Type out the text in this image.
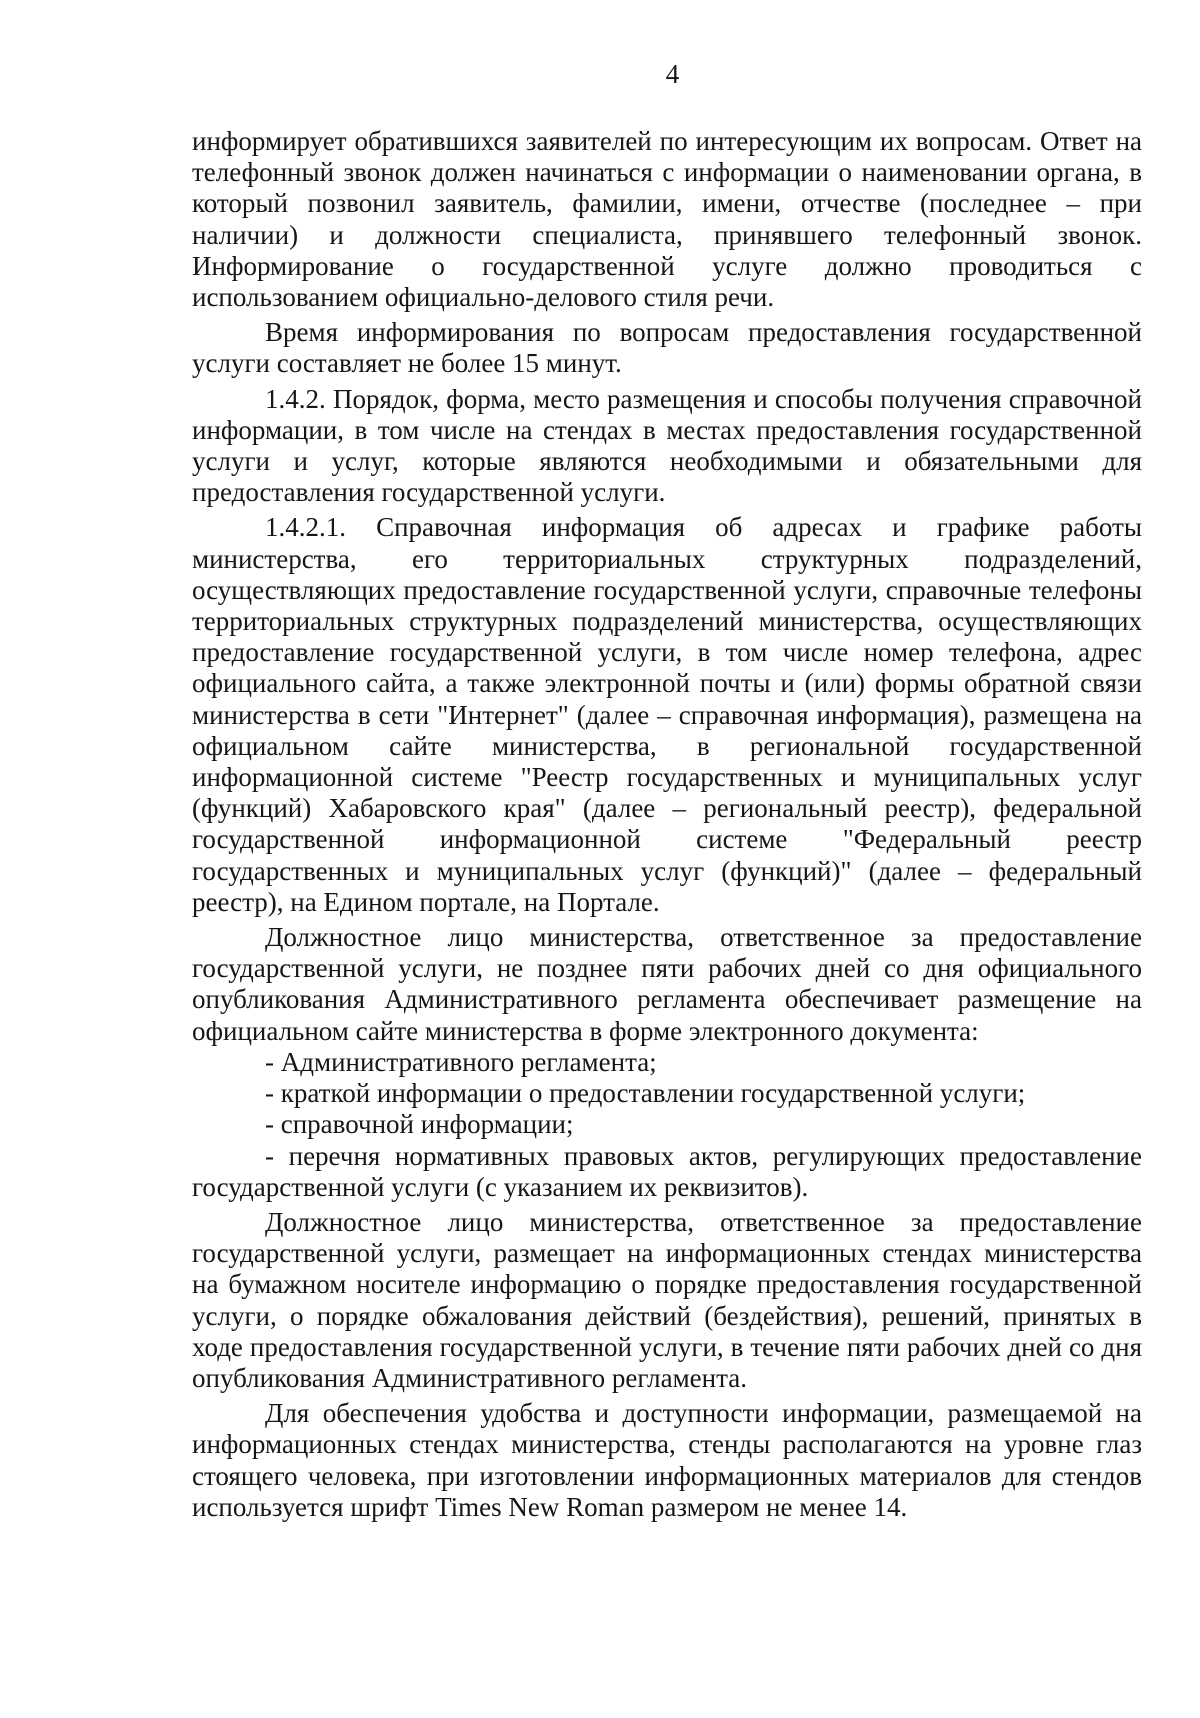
4

информирует обратившихся заявителей по интересующим их вопросам. Ответ на телефонный звонок должен начинаться с информации о наименовании органа, в который позвонил заявитель, фамилии, имени, отчестве (последнее – при наличии) и должности специалиста, принявшего телефонный звонок. Информирование о государственной услуге должно проводиться с использованием официально-делового стиля речи.

Время информирования по вопросам предоставления государственной услуги составляет не более 15 минут.

1.4.2. Порядок, форма, место размещения и способы получения справочной информации, в том числе на стендах в местах предоставления государственной услуги и услуг, которые являются необходимыми и обязательными для предоставления государственной услуги.

1.4.2.1. Справочная информация об адресах и графике работы министерства, его территориальных структурных подразделений, осуществляющих предоставление государственной услуги, справочные телефоны территориальных структурных подразделений министерства, осуществляющих предоставление государственной услуги, в том числе номер телефона, адрес официального сайта, а также электронной почты и (или) формы обратной связи министерства в сети "Интернет" (далее – справочная информация), размещена на официальном сайте министерства, в региональной государственной информационной системе "Реестр государственных и муниципальных услуг (функций) Хабаровского края" (далее – региональный реестр), федеральной государственной информационной системе "Федеральный реестр государственных и муниципальных услуг (функций)" (далее – федеральный реестр), на Едином портале, на Портале.

Должностное лицо министерства, ответственное за предоставление государственной услуги, не позднее пяти рабочих дней со дня официального опубликования Административного регламента обеспечивает размещение на официальном сайте министерства в форме электронного документа:

- Административного регламента;

- краткой информации о предоставлении государственной услуги;

- справочной информации;

- перечня нормативных правовых актов, регулирующих предоставление государственной услуги (с указанием их реквизитов).

Должностное лицо министерства, ответственное за предоставление государственной услуги, размещает на информационных стендах министерства на бумажном носителе информацию о порядке предоставления государственной услуги, о порядке обжалования действий (бездействия), решений, принятых в ходе предоставления государственной услуги, в течение пяти рабочих дней со дня опубликования Административного регламента.

Для обеспечения удобства и доступности информации, размещаемой на информационных стендах министерства, стенды располагаются на уровне глаз стоящего человека, при изготовлении информационных материалов для стендов используется шрифт Times New Roman размером не менее 14.
